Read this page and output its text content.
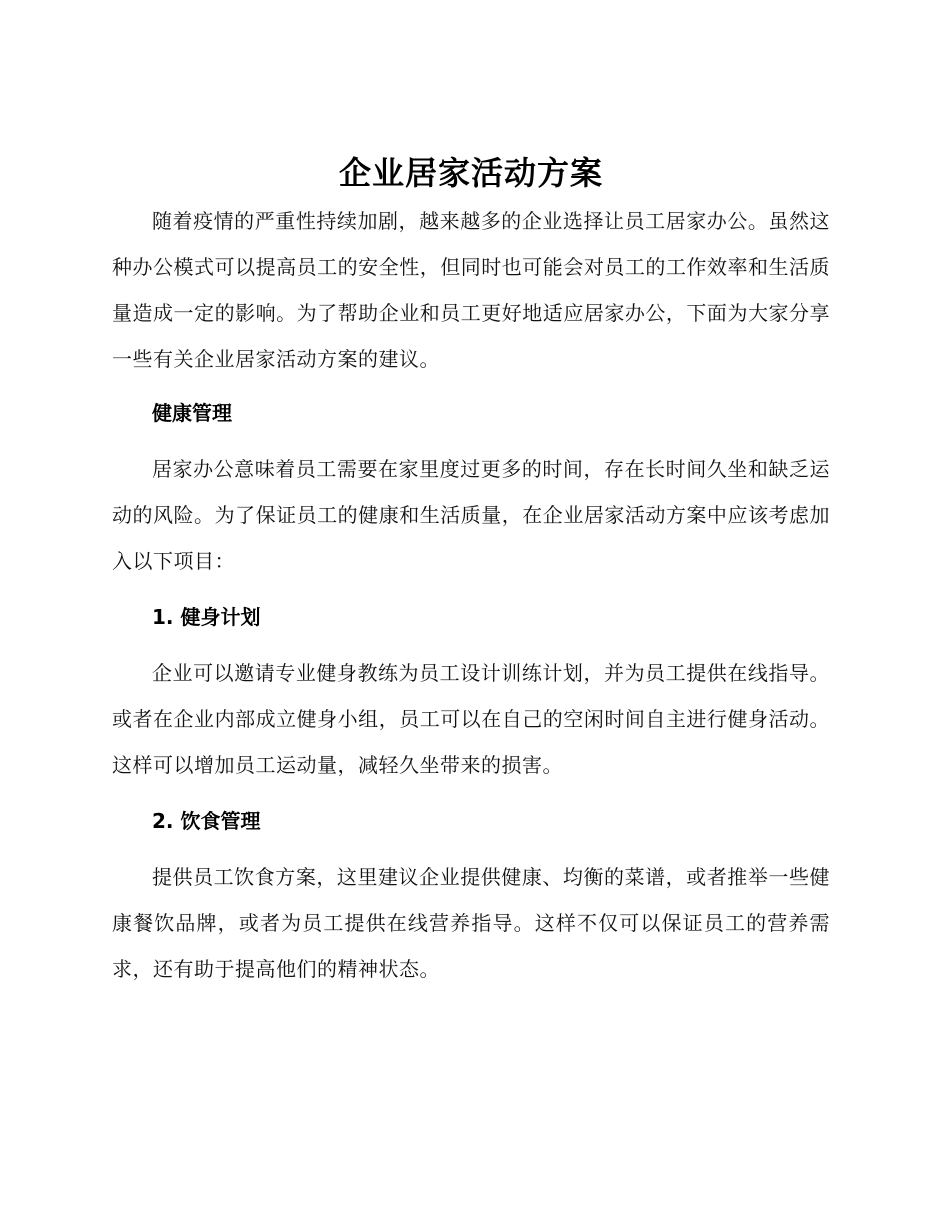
企业居家活动方案

随着疫情的严重性持续加剧，越来越多的企业选择让员工居家办公。虽然这种办公模式可以提高员工的安全性，但同时也可能会对员工的工作效率和生活质量造成一定的影响。为了帮助企业和员工更好地适应居家办公，下面为大家分享一些有关企业居家活动方案的建议。

健康管理

居家办公意味着员工需要在家里度过更多的时间，存在长时间久坐和缺乏运动的风险。为了保证员工的健康和生活质量，在企业居家活动方案中应该考虑加入以下项目：

1. 健身计划

企业可以邀请专业健身教练为员工设计训练计划，并为员工提供在线指导。或者在企业内部成立健身小组，员工可以在自己的空闲时间自主进行健身活动。这样可以增加员工运动量，减轻久坐带来的损害。

2. 饮食管理

提供员工饮食方案，这里建议企业提供健康、均衡的菜谱，或者推举一些健康餐饮品牌，或者为员工提供在线营养指导。这样不仅可以保证员工的营养需求，还有助于提高他们的精神状态。
